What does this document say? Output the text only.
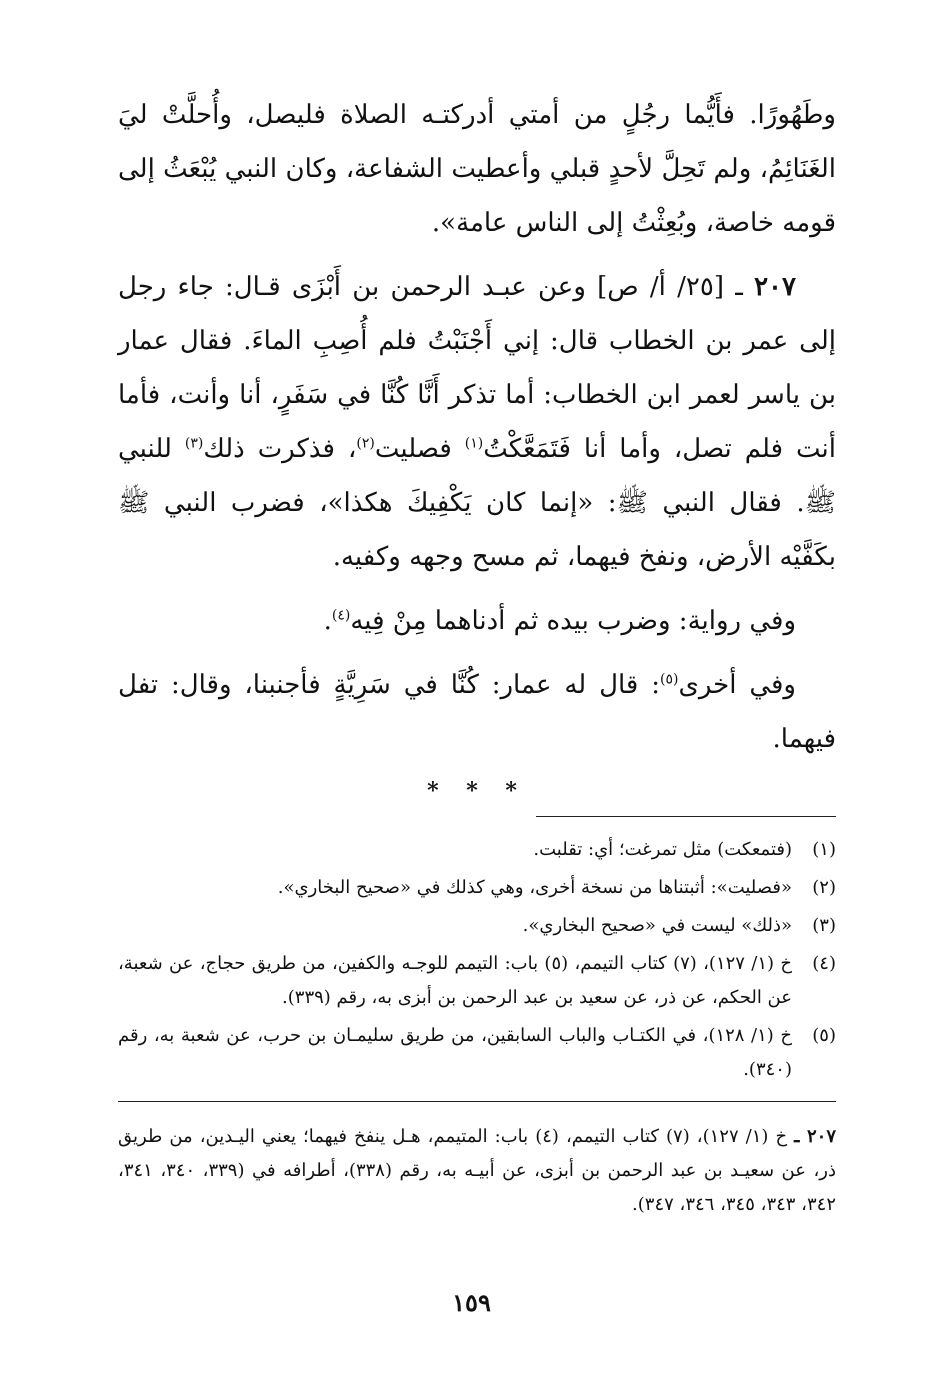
وطَهُورًا. فأَيُّما رجُلٍ من أمتي أدركتـه الصلاة فليصل، وأُحلَّتْ ليَ الغَنَائِمُ، ولم تَحِلَّ لأحدٍ قبلي وأعطيت الشفاعة، وكان النبي يُبْعَثُ إلى قومه خاصة، وبُعِثْتُ إلى الناس عامة».

٢٠٧ ـ [٢٥/ أ/ ص] وعن عبـد الرحمن بن أَبْزَى قـال: جاء رجل إلى عمر بن الخطاب قال: إني أَجْنَبْتُ فلم أُصِبِ الماءَ. فقال عمار بن ياسر لعمر ابن الخطاب: أما تذكر أَنَّا كُنَّا في سَفَرٍ، أنا وأنت، فأما أنت فلم تصل، وأما أنا فَتَمَعَّكْتُ$^{(١)}$ فصليت$^{(٢)}$، فذكرت ذلك$^{(٣)}$ للنبي ﷺ. فقال النبي ﷺ: «إنما كان يَكْفِيكَ هكذا»، فضرب النبي ﷺ بكَفَّيْه الأرض، ونفخ فيهما، ثم مسح وجهه وكفيه.

وفي رواية: وضرب بيده ثم أدناهما مِنْ فِيه$^{(٤)}$.

وفي أخرى$^{(٥)}$: قال له عمار: كُنَّا في سَرِيَّةٍ فأجنبنا، وقال: تفل فيهما.

* * *
(١)
(فتمعكت) مثل تمرغت؛ أي: تقلبت.
(٢)
«فصليت»: أثبتناها من نسخة أخرى، وهي كذلك في «صحيح البخاري».
(٣)
«ذلك» ليست في «صحيح البخاري».
(٤)
خ (١/ ١٢٧)، (٧) كتاب التيمم، (٥) باب: التيمم للوجـه والكفين، من طريق حجاج، عن شعبة، عن الحكم، عن ذر، عن سعيد بن عبد الرحمن بن أبزى به، رقم (٣٣٩).
(٥)
خ (١/ ١٢٨)، في الكتـاب والباب السابقين، من طريق سليمـان بن حرب، عن شعبة به، رقم (٣٤٠).

٢٠٧ ـ خ (١/ ١٢٧)، (٧) كتاب التيمم، (٤) باب: المتيمم، هـل ينفخ فيهما؛ يعني اليـدين، من طريق ذر، عن سعيـد بن عبد الرحمن بن أبزى، عن أبيـه به، رقم (٣٣٨)، أطرافه في (٣٣٩، ٣٤٠، ٣٤١، ٣٤٢، ٣٤٣، ٣٤٥، ٣٤٦، ٣٤٧).

١٥٩
